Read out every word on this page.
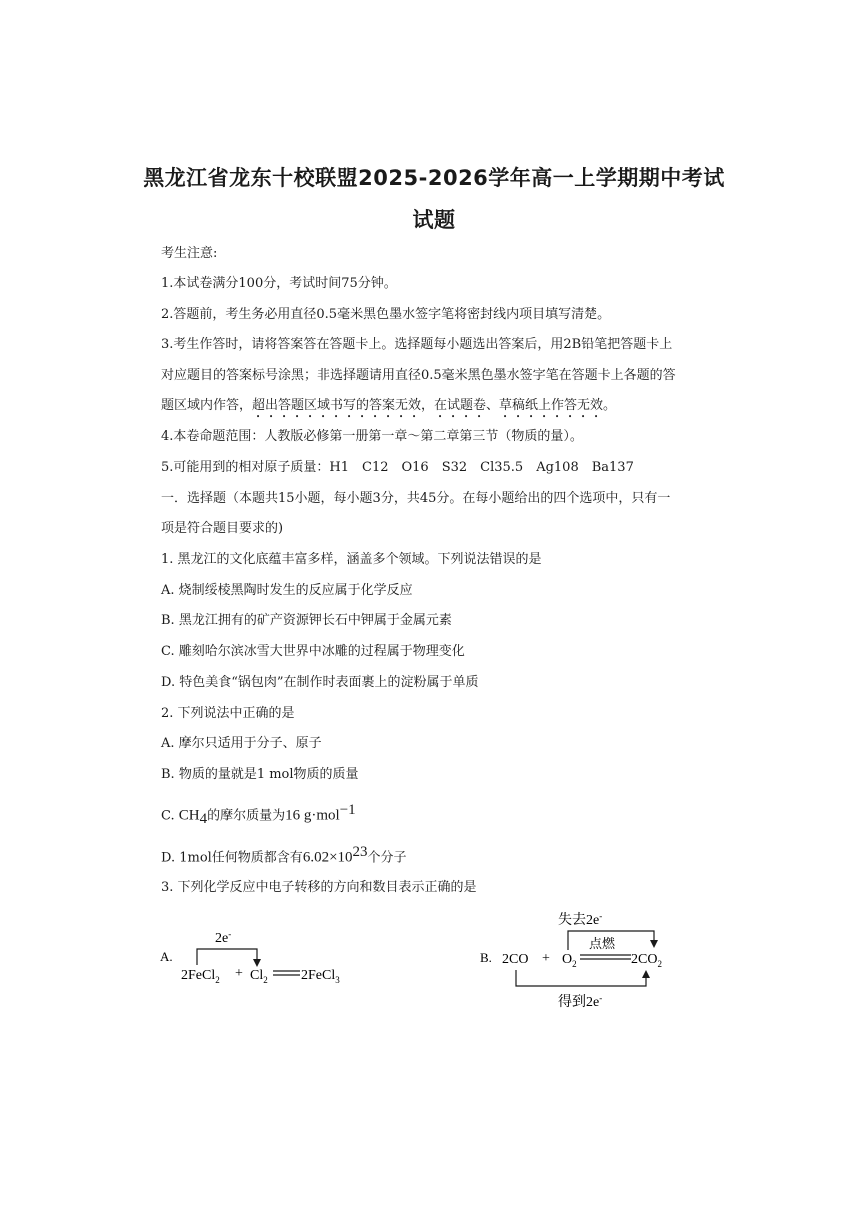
黑龙江省龙东十校联盟2025-2026学年高一上学期期中考试
试题
考生注意:
1.本试卷满分100分，考试时间75分钟。
2.答题前，考生务必用直径0.5毫米黑色墨水签字笔将密封线内项目填写清楚。
3.考生作答时，请将答案答在答题卡上。选择题每小题选出答案后，用2B铅笔把答题卡上
对应题目的答案标号涂黑；非选择题请用直径0.5毫米黑色墨水签字笔在答题卡上各题的答
题区域内作答，超出答题区域书写的答案无效，在试题卷、草稿纸上作答无效。
4.本卷命题范围：人教版必修第一册第一章～第二章第三节（物质的量）。
5.可能用到的相对原子质量：H1　C12　O16　S32　Cl35.5　Ag108　Ba137
一．选择题（本题共15小题，每小题3分，共45分。在每小题给出的四个选项中，只有一
项是符合题目要求的)
1. 黑龙江的文化底蕴丰富多样，涵盖多个领域。下列说法错误的是
A. 烧制绥棱黑陶时发生的反应属于化学反应
B. 黑龙江拥有的矿产资源钾长石中钾属于金属元素
C. 雕刻哈尔滨冰雪大世界中冰雕的过程属于物理变化
D. 特色美食“锅包肉”在制作时表面裹上的淀粉属于单质
2. 下列说法中正确的是
A. 摩尔只适用于分子、原子
B. 物质的量就是1 mol物质的质量
C. $CH_4$的摩尔质量为16 g·mol$^{-1}$
D. 1mol任何物质都含有$6.02\times 10^{23}$个分子
3. 下列化学反应中电子转移的方向和数目表示正确的是
A.
2e-
2FeCl$_2$ + $Cl_2$ 2FeCl$_3$
失去2e-
点燃
B. $2CO + O_2$	$2CO_2$
得到2e-
